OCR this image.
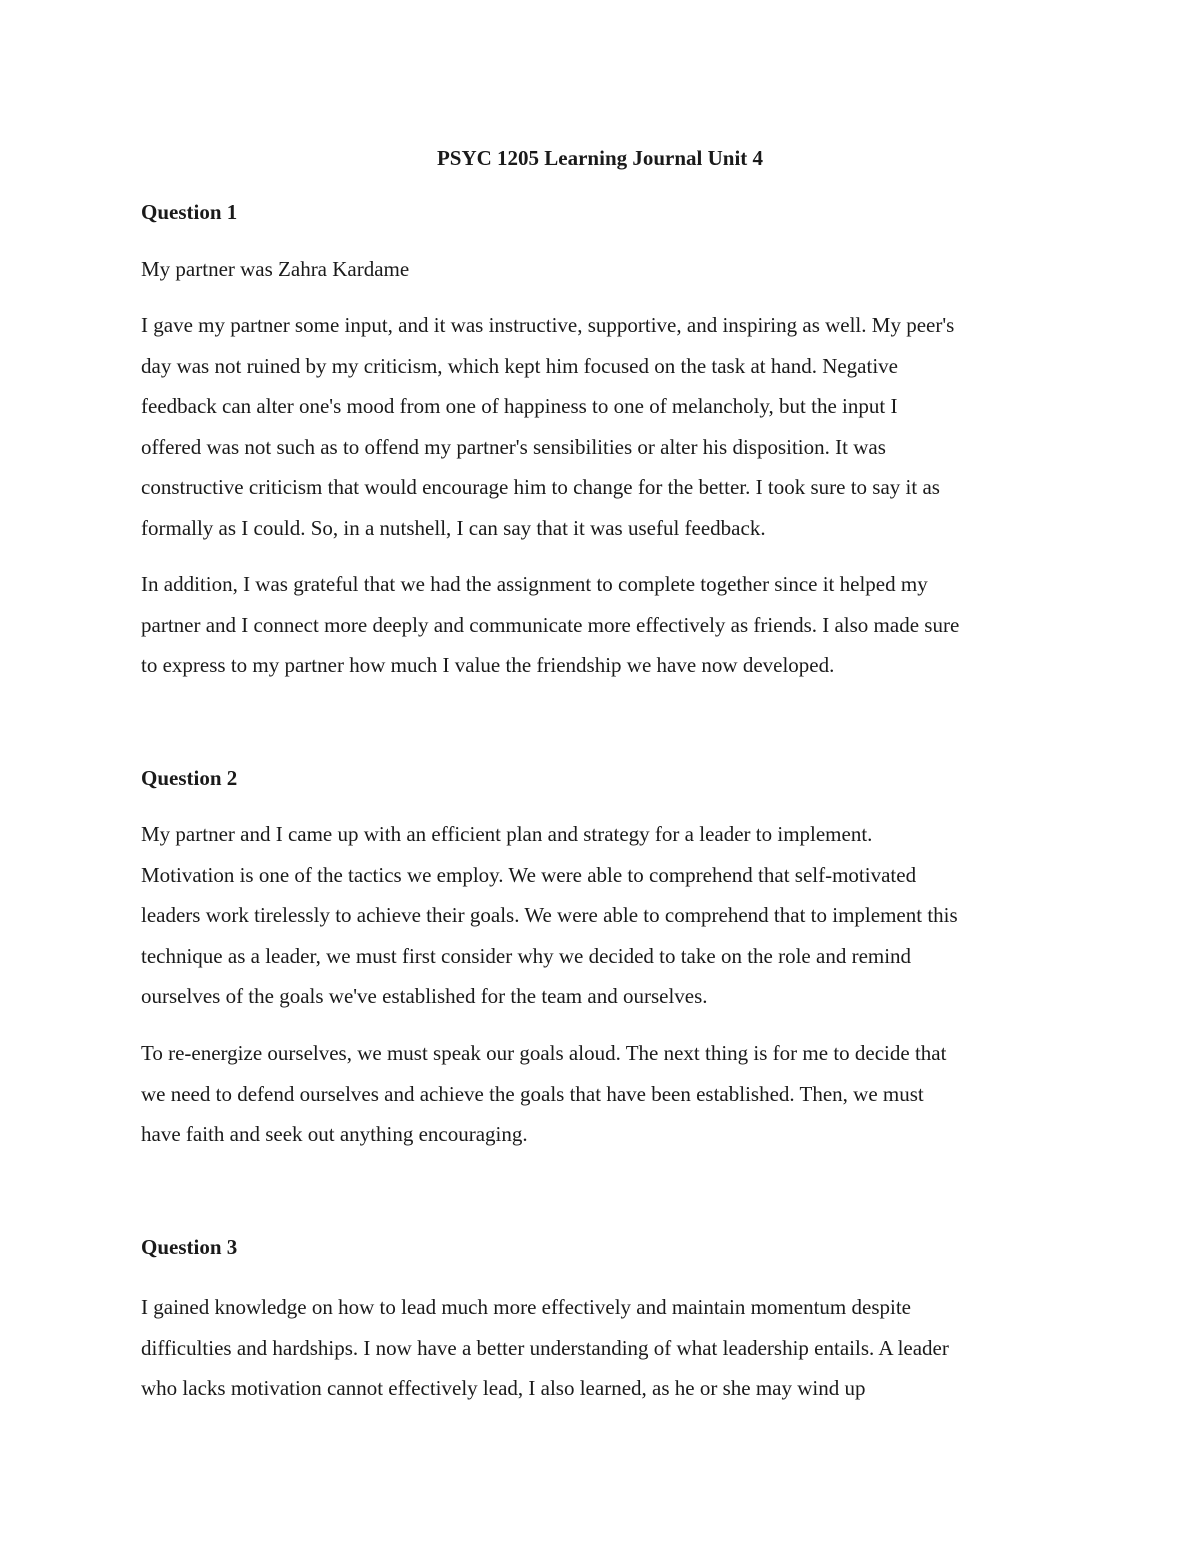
PSYC 1205 Learning Journal Unit 4
Question 1

My partner was Zahra Kardame

I gave my partner some input, and it was instructive, supportive, and inspiring as well. My peer's
day was not ruined by my criticism, which kept him focused on the task at hand. Negative
feedback can alter one's mood from one of happiness to one of melancholy, but the input I
offered was not such as to offend my partner's sensibilities or alter his disposition. It was
constructive criticism that would encourage him to change for the better. I took sure to say it as
formally as I could. So, in a nutshell, I can say that it was useful feedback.

In addition, I was grateful that we had the assignment to complete together since it helped my
partner and I connect more deeply and communicate more effectively as friends. I also made sure
to express to my partner how much I value the friendship we have now developed.

Question 2

My partner and I came up with an efficient plan and strategy for a leader to implement.
Motivation is one of the tactics we employ. We were able to comprehend that self-motivated
leaders work tirelessly to achieve their goals. We were able to comprehend that to implement this
technique as a leader, we must first consider why we decided to take on the role and remind
ourselves of the goals we've established for the team and ourselves.

To re-energize ourselves, we must speak our goals aloud. The next thing is for me to decide that
we need to defend ourselves and achieve the goals that have been established. Then, we must
have faith and seek out anything encouraging.

Question 3

I gained knowledge on how to lead much more effectively and maintain momentum despite
difficulties and hardships. I now have a better understanding of what leadership entails. A leader
who lacks motivation cannot effectively lead, I also learned, as he or she may wind up
